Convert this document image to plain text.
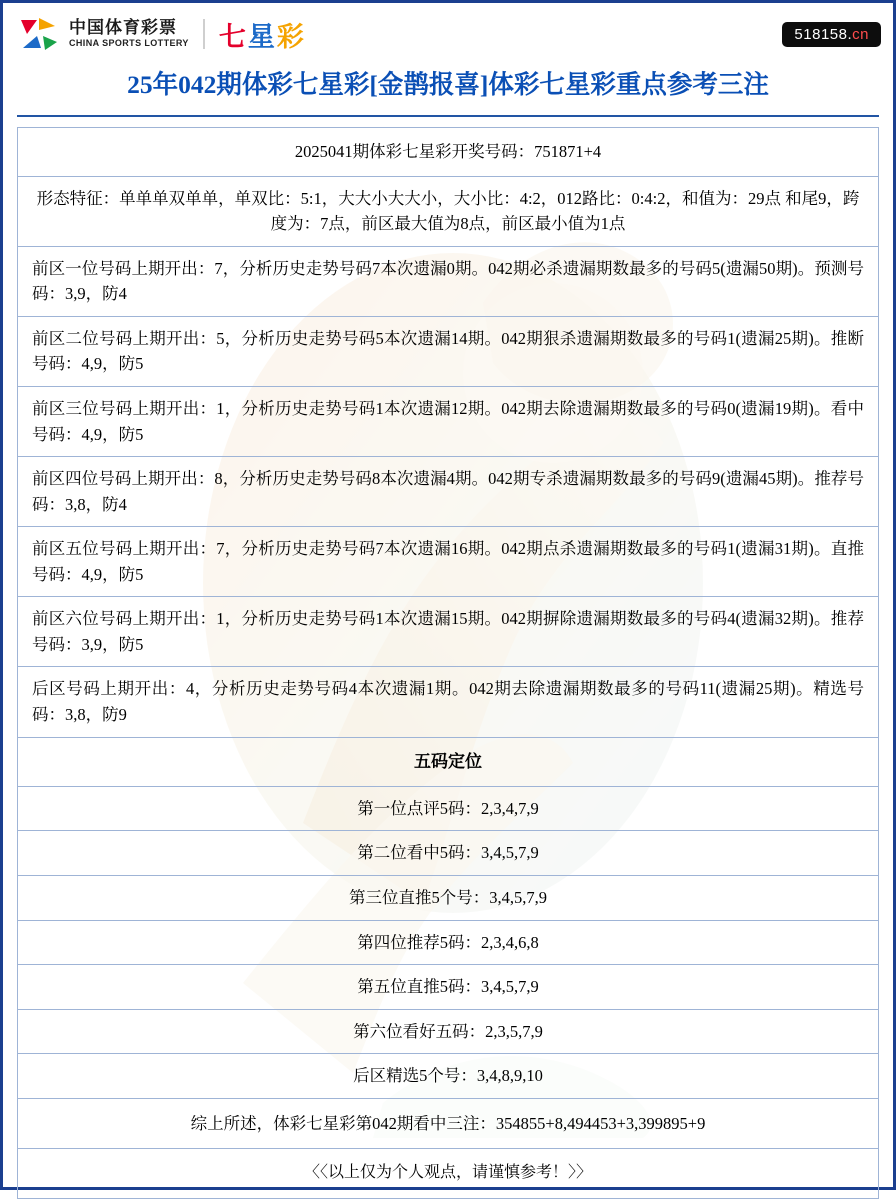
中国体育彩票
CHINA SPORTS LOTTERY 七星彩	518158.cn
25年042期体彩七星彩[金鹊报喜]体彩七星彩重点参考三注
2025041期体彩七星彩开奖号码：751871+4
形态特征：单单单双单单，单双比：5:1，大大小大大小，大小比：4:2，012路比：0:4:2，和值为：29点 和尾9，跨度为：7点，前区最大值为8点，前区最小值为1点
前区一位号码上期开出：7，分析历史走势号码7本次遗漏0期。042期必杀遗漏期数最多的号码5(遗漏50期)。预测号码：3,9，防4
前区二位号码上期开出：5，分析历史走势号码5本次遗漏14期。042期狠杀遗漏期数最多的号码1(遗漏25期)。推断号码：4,9，防5
前区三位号码上期开出：1，分析历史走势号码1本次遗漏12期。042期去除遗漏期数最多的号码0(遗漏19期)。看中号码：4,9，防5
前区四位号码上期开出：8，分析历史走势号码8本次遗漏4期。042期专杀遗漏期数最多的号码9(遗漏45期)。推荐号码：3,8，防4
前区五位号码上期开出：7，分析历史走势号码7本次遗漏16期。042期点杀遗漏期数最多的号码1(遗漏31期)。直推号码：4,9，防5
前区六位号码上期开出：1，分析历史走势号码1本次遗漏15期。042期摒除遗漏期数最多的号码4(遗漏32期)。推荐号码：3,9，防5
后区号码上期开出：4，分析历史走势号码4本次遗漏1期。042期去除遗漏期数最多的号码11(遗漏25期)。精选号码：3,8，防9
五码定位
第一位点评5码：2,3,4,7,9
第二位看中5码：3,4,5,7,9
第三位直推5个号：3,4,5,7,9
第四位推荐5码：2,3,4,6,8
第五位直推5码：3,4,5,7,9
第六位看好五码：2,3,5,7,9
后区精选5个号：3,4,8,9,10
综上所述，体彩七星彩第042期看中三注：354855+8,494453+3,399895+9
〈〈以上仅为个人观点，请谨慎参考！〉〉
